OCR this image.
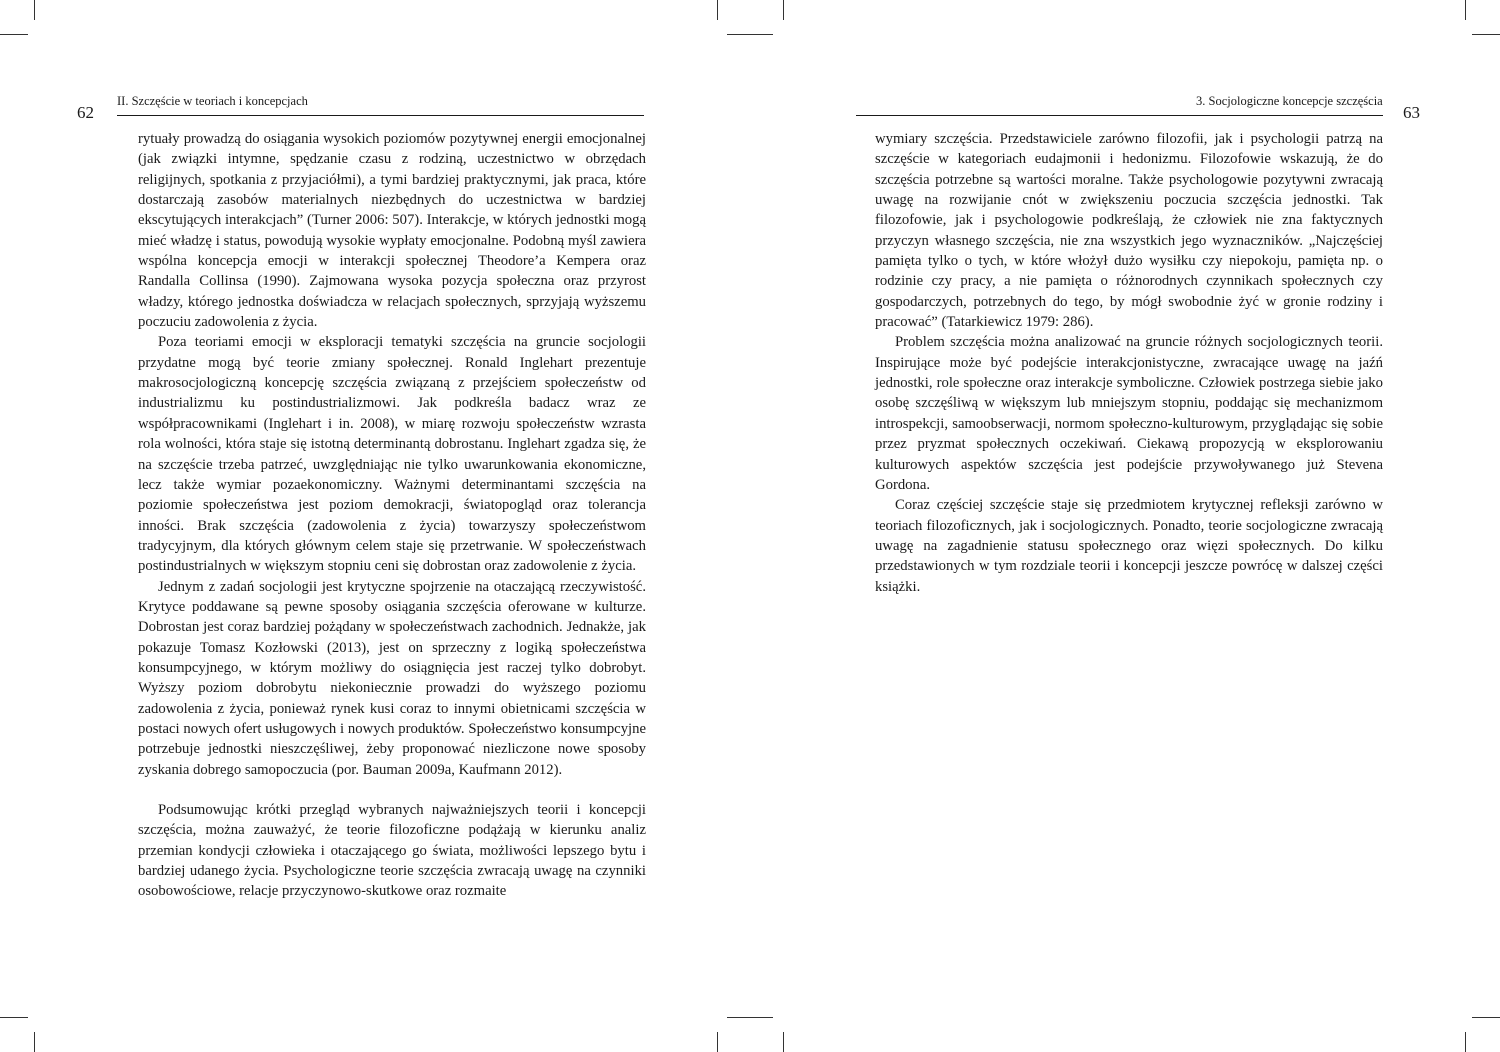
62
II. Szczęście w teoriach i koncepcjach

rytuały prowadzą do osiągania wysokich poziomów pozytywnej energii emocjonalnej (jak związki intymne, spędzanie czasu z rodziną, uczestnictwo w obrzędach religijnych, spotkania z przyjaciółmi), a tymi bardziej praktycznymi, jak praca, które dostarczają zasobów materialnych niezbędnych do uczestnictwa w bardziej ekscytujących interakcjach” (Turner 2006: 507). Interakcje, w których jednostki mogą mieć władzę i status, powodują wysokie wypłaty emocjonalne. Podobną myśl zawiera wspólna koncepcja emocji w interakcji społecznej Theodore’a Kempera oraz Randalla Collinsa (1990). Zajmowana wysoka pozycja społeczna oraz przyrost władzy, którego jednostka doświadcza w relacjach społecznych, sprzyjają wyższemu poczuciu zadowolenia z życia.

Poza teoriami emocji w eksploracji tematyki szczęścia na gruncie socjologii przydatne mogą być teorie zmiany społecznej. Ronald Inglehart prezentuje makrosocjologiczną koncepcję szczęścia związaną z przejściem społeczeństw od industrializmu ku postindustrializmowi. Jak podkreśla badacz wraz ze współpracownikami (Inglehart i in. 2008), w miarę rozwoju społeczeństw wzrasta rola wolności, która staje się istotną determinantą dobrostanu. Inglehart zgadza się, że na szczęście trzeba patrzeć, uwzględniając nie tylko uwarunkowania ekonomiczne, lecz także wymiar pozaekonomiczny. Ważnymi determinantami szczęścia na poziomie społeczeństwa jest poziom demokracji, światopogląd oraz tolerancja inności. Brak szczęścia (zadowolenia z życia) towarzyszy społeczeństwom tradycyjnym, dla których głównym celem staje się przetrwanie. W społeczeństwach postindustrialnych w większym stopniu ceni się dobrostan oraz zadowolenie z życia.

Jednym z zadań socjologii jest krytyczne spojrzenie na otaczającą rzeczywistość. Krytyce poddawane są pewne sposoby osiągania szczęścia oferowane w kulturze. Dobrostan jest coraz bardziej pożądany w społeczeństwach zachodnich. Jednakże, jak pokazuje Tomasz Kozłowski (2013), jest on sprzeczny z logiką społeczeństwa konsumpcyjnego, w którym możliwy do osiągnięcia jest raczej tylko dobrobyt. Wyższy poziom dobrobytu niekoniecznie prowadzi do wyższego poziomu zadowolenia z życia, ponieważ rynek kusi coraz to innymi obietnicami szczęścia w postaci nowych ofert usługowych i nowych produktów. Społeczeństwo konsumpcyjne potrzebuje jednostki nieszczęśliwej, żeby proponować niezliczone nowe sposoby zyskania dobrego samopoczucia (por. Bauman 2009a, Kaufmann 2012).

Podsumowując krótki przegląd wybranych najważniejszych teorii i koncepcji szczęścia, można zauważyć, że teorie filozoficzne podążają w kierunku analiz przemian kondycji człowieka i otaczającego go świata, możliwości lepszego bytu i bardziej udanego życia. Psychologiczne teorie szczęścia zwracają uwagę na czynniki osobowościowe, relacje przyczynowo-skutkowe oraz rozmaite

3. Socjologiczne koncepcje szczęścia
63

wymiary szczęścia. Przedstawiciele zarówno filozofii, jak i psychologii patrzą na szczęście w kategoriach eudajmonii i hedonizmu. Filozofowie wskazują, że do szczęścia potrzebne są wartości moralne. Także psychologowie pozytywni zwracają uwagę na rozwijanie cnót w zwiększeniu poczucia szczęścia jednostki. Tak filozofowie, jak i psychologowie podkreślają, że człowiek nie zna faktycznych przyczyn własnego szczęścia, nie zna wszystkich jego wyznaczników. „Najczęściej pamięta tylko o tych, w które włożył dużo wysiłku czy niepokoju, pamięta np. o rodzinie czy pracy, a nie pamięta o różnorodnych czynnikach społecznych czy gospodarczych, potrzebnych do tego, by mógł swobodnie żyć w gronie rodziny i pracować” (Tatarkiewicz 1979: 286).

Problem szczęścia można analizować na gruncie różnych socjologicznych teorii. Inspirujące może być podejście interakcjonistyczne, zwracające uwagę na jaźń jednostki, role społeczne oraz interakcje symboliczne. Człowiek postrzega siebie jako osobę szczęśliwą w większym lub mniejszym stopniu, poddając się mechanizmom introspekcji, samoobserwacji, normom społeczno-kulturowym, przyglądając się sobie przez pryzmat społecznych oczekiwań. Ciekawą propozycją w eksplorowaniu kulturowych aspektów szczęścia jest podejście przywoływanego już Stevena Gordona.

Coraz częściej szczęście staje się przedmiotem krytycznej refleksji zarówno w teoriach filozoficznych, jak i socjologicznych. Ponadto, teorie socjologiczne zwracają uwagę na zagadnienie statusu społecznego oraz więzi społecznych. Do kilku przedstawionych w tym rozdziale teorii i koncepcji jeszcze powrócę w dalszej części książki.
